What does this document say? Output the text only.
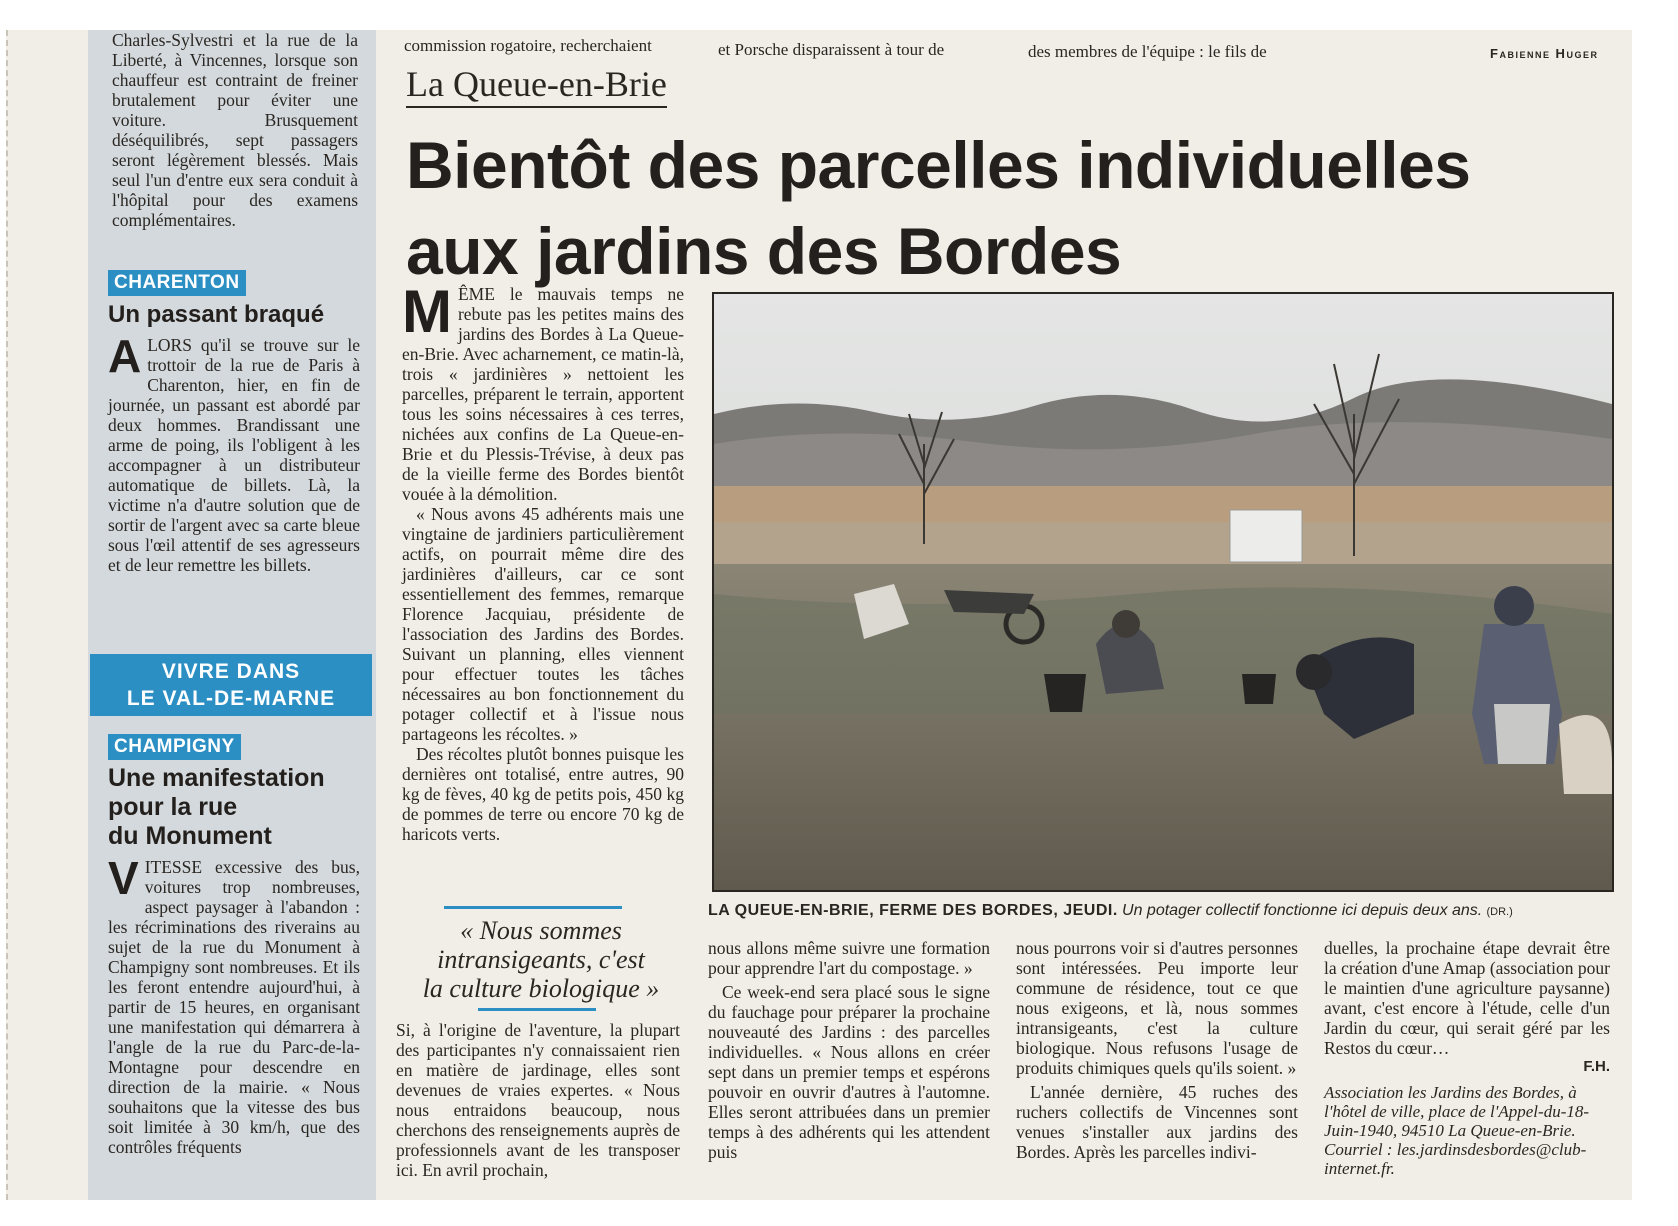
Charles-Sylvestri et la rue de la Liberté, à Vincennes, lorsque son chauffeur est contraint de freiner brutalement pour éviter une voiture. Brusquement déséquilibrés, sept passagers seront légèrement blessés. Mais seul l'un d'entre eux sera conduit à l'hôpital pour des examens complémentaires.

CHARENTON
Un passant braqué

A LORS qu'il se trouve sur le trottoir de la rue de Paris à Charenton, hier, en fin de journée, un passant est abordé par deux hommes. Brandissant une arme de poing, ils l'obligent à les accompagner à un distributeur automatique de billets. Là, la victime n'a d'autre solution que de sortir de l'argent avec sa carte bleue sous l'œil attentif de ses agresseurs et de leur remettre les billets.

VIVRE DANS
LE VAL-DE-MARNE
CHAMPIGNY
Une manifestation
pour la rue
du Monument

V ITESSE excessive des bus, voitures trop nombreuses, aspect paysager à l'abandon : les récriminations des riverains au sujet de la rue du Monument à Champigny sont nombreuses. Et ils les feront entendre aujourd'hui, à partir de 15 heures, en organisant une manifestation qui démarrera à l'angle de la rue du Parc-de-la-Montagne pour descendre en direction de la mairie. « Nous souhaitons que la vitesse des bus soit limitée à 30 km/h, que des contrôles fréquents

commission rogatoire, recherchaient	et Porsche disparaissent à tour de	des membres de l'équipe : le fils de	Fabienne Huger
La Queue-en-Brie
Bientôt des parcelles individuelles
aux jardins des Bordes

M ÊME le mauvais temps ne rebute pas les petites mains des jardins des Bordes à La Queue-en-Brie. Avec acharnement, ce matin-là, trois « jardinières » nettoient les parcelles, préparent le terrain, apportent tous les soins nécessaires à ces terres, nichées aux confins de La Queue-en-Brie et du Plessis-Trévise, à deux pas de la vieille ferme des Bordes bientôt vouée à la démolition.

« Nous avons 45 adhérents mais une vingtaine de jardiniers particulièrement actifs, on pourrait même dire des jardinières d'ailleurs, car ce sont essentiellement des femmes, remarque Florence Jacquiau, présidente de l'association des Jardins des Bordes. Suivant un planning, elles viennent pour effectuer toutes les tâches nécessaires au bon fonctionnement du potager collectif et à l'issue nous partageons les récoltes. »

Des récoltes plutôt bonnes puisque les dernières ont totalisé, entre autres, 90 kg de fèves, 40 kg de petits pois, 450 kg de pommes de terre ou encore 70 kg de haricots verts.

LA QUEUE-EN-BRIE, FERME DES BORDES, JEUDI. Un potager collectif fonctionne ici depuis deux ans. (DR.)
« Nous sommes
intransigeants, c'est
la culture biologique »

Si, à l'origine de l'aventure, la plupart des participantes n'y connaissaient rien en matière de jardinage, elles sont devenues de vraies expertes. « Nous nous entraidons beaucoup, nous cherchons des renseignements auprès de professionnels avant de les transposer ici. En avril prochain,

nous allons même suivre une formation pour apprendre l'art du compostage. »

Ce week-end sera placé sous le signe du fauchage pour préparer la prochaine nouveauté des Jardins : des parcelles individuelles. « Nous allons en créer sept dans un premier temps et espérons pouvoir en ouvrir d'autres à l'automne. Elles seront attribuées dans un premier temps à des adhérents qui les attendent puis

nous pourrons voir si d'autres personnes sont intéressées. Peu importe leur commune de résidence, tout ce que nous exigeons, et là, nous sommes intransigeants, c'est la culture biologique. Nous refusons l'usage de produits chimiques quels qu'ils soient. »

L'année dernière, 45 ruches des ruchers collectifs de Vincennes sont venues s'installer aux jardins des Bordes. Après les parcelles indivi-

duelles, la prochaine étape devrait être la création d'une Amap (association pour le maintien d'une agriculture paysanne) avant, c'est encore à l'étude, celle d'un Jardin du cœur, qui serait géré par les Restos du cœur…

F.H.

Association les Jardins des Bordes, à l'hôtel de ville, place de l'Appel-du-18-Juin-1940, 94510 La Queue-en-Brie. Courriel : les.jardinsdesbordes@club-internet.fr.
